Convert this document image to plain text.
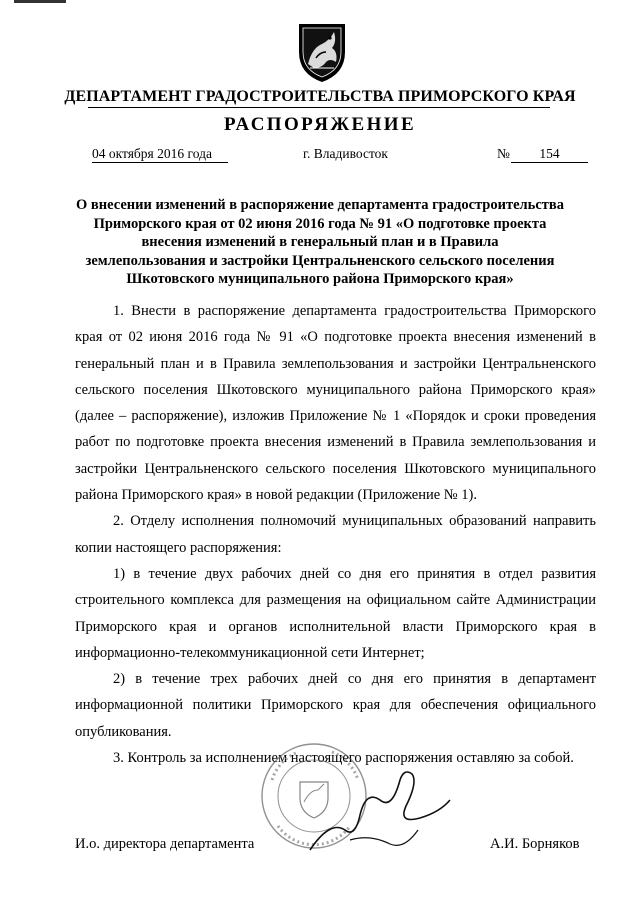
ДЕПАРТАМЕНТ ГРАДОСТРОИТЕЛЬСТВА ПРИМОРСКОГО КРАЯ
РАСПОРЯЖЕНИЕ
04 октября 2016 года	г. Владивосток	№	154
О внесении изменений в распоряжение департамента градостроительства
Приморского края от 02 июня 2016 года № 91 «О подготовке проекта
внесения изменений в генеральный план и в Правила
землепользования и застройки Центральненского сельского поселения
Шкотовского муниципального района Приморского края»

1. Внести в распоряжение департамента градостроительства Приморского края от 02 июня 2016 года № 91 «О подготовке проекта внесения изменений в генеральный план и в Правила землепользования и застройки Центральненского сельского поселения Шкотовского муниципального района Приморского края» (далее – распоряжение), изложив Приложение № 1 «Порядок и сроки проведения работ по подготовке проекта внесения изменений в Правила землепользования и застройки Центральненского сельского поселения Шкотовского муниципального района Приморского края» в новой редакции (Приложение № 1).

2. Отделу исполнения полномочий муниципальных образований направить копии настоящего распоряжения:

1) в течение двух рабочих дней со дня его принятия в отдел развития строительного комплекса для размещения на официальном сайте Администрации Приморского края и органов исполнительной власти Приморского края в информационно-телекоммуникационной сети Интернет;

2) в течение трех рабочих дней со дня его принятия в департамент информационной политики Приморского края для обеспечения официального опубликования.

3. Контроль за исполнением настоящего распоряжения оставляю за собой.

И.о. директора департамента	А.И. Борняков
